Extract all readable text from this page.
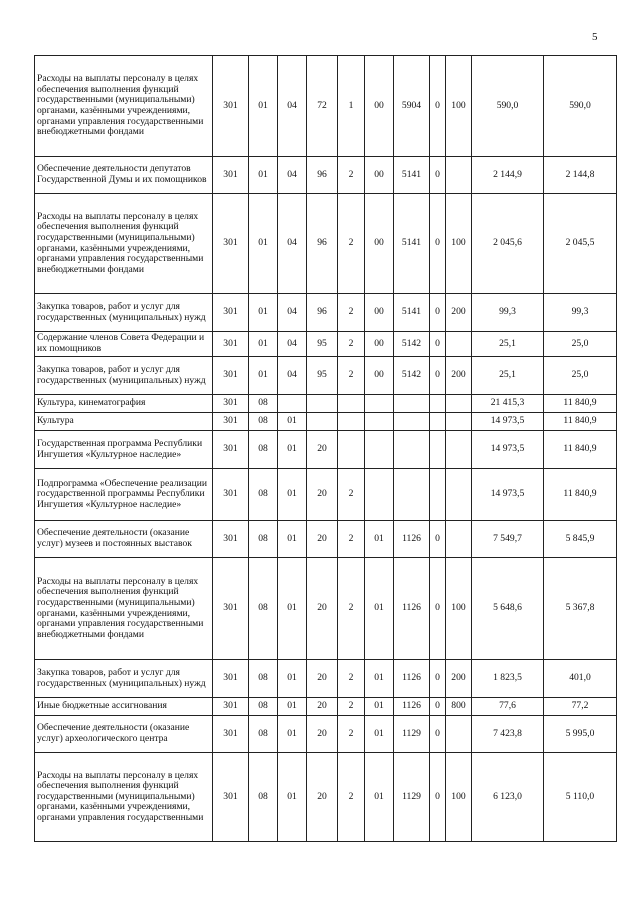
5
Расходы на выплаты персоналу в целях обеспечения выполнения функций государственными (муниципальными) органами, казёнными учреждениями, органами управления государственными внебюджетными фондами	301	01	04	72	1	00	5904	0	100	590,0	590,0
Обеспечение деятельности депутатов Государственной Думы и их помощников	301	01	04	96	2	00	5141	0		2 144,9	2 144,8
Расходы на выплаты персоналу в целях обеспечения выполнения функций государственными (муниципальными) органами, казёнными учреждениями, органами управления государственными внебюджетными фондами	301	01	04	96	2	00	5141	0	100	2 045,6	2 045,5
Закупка товаров, работ и услуг для государственных (муниципальных) нужд	301	01	04	96	2	00	5141	0	200	99,3	99,3
Содержание членов Совета Федерации и их помощников	301	01	04	95	2	00	5142	0		25,1	25,0
Закупка товаров, работ и услуг для государственных (муниципальных) нужд	301	01	04	95	2	00	5142	0	200	25,1	25,0
Культура, кинематография	301	08								21 415,3	11 840,9
Культура	301	08	01							14 973,5	11 840,9
Государственная программа Республики Ингушетия «Культурное наследие»	301	08	01	20						14 973,5	11 840,9
Подпрограмма «Обеспечение реализации государственной программы Республики Ингушетия «Культурное наследие»	301	08	01	20	2					14 973,5	11 840,9
Обеспечение деятельности (оказание услуг) музеев и постоянных выставок	301	08	01	20	2	01	1126	0		7 549,7	5 845,9
Расходы на выплаты персоналу в целях обеспечения выполнения функций государственными (муниципальными) органами, казёнными учреждениями, органами управления государственными внебюджетными фондами	301	08	01	20	2	01	1126	0	100	5 648,6	5 367,8
Закупка товаров, работ и услуг для государственных (муниципальных) нужд	301	08	01	20	2	01	1126	0	200	1 823,5	401,0
Иные бюджетные ассигнования	301	08	01	20	2	01	1126	0	800	77,6	77,2
Обеспечение деятельности (оказание услуг) археологического центра	301	08	01	20	2	01	1129	0		7 423,8	5 995,0
Расходы на выплаты персоналу в целях обеспечения выполнения функций государственными (муниципальными) органами, казёнными учреждениями, органами управления государственными	301	08	01	20	2	01	1129	0	100	6 123,0	5 110,0
